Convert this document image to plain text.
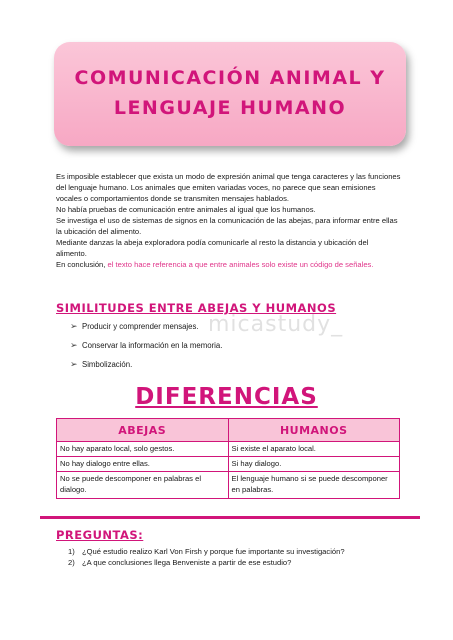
COMUNICACIÓN ANIMAL Y
LENGUAJE HUMANO

Es imposible establecer que exista un modo de expresión animal que tenga caracteres y las funciones del lenguaje humano. Los animales que emiten variadas voces, no parece que sean emisiones vocales o comportamientos donde se transmiten mensajes hablados.

No había pruebas de comunicación entre animales al igual que los humanos.

Se investiga el uso de sistemas de signos en la comunicación de las abejas, para informar entre ellas la ubicación del alimento.

Mediante danzas la abeja exploradora podía comunicarle al resto la distancia y ubicación del alimento.

En conclusión, el texto hace referencia a que entre animales solo existe un código de señales.

SIMILITUDES ENTRE ABEJAS Y HUMANOS
micastudy_
➢ Producir y comprender mensajes.
➢ Conservar la información en la memoria.
➢ Simbolización.
DIFERENCIAS
ABEJAS	HUMANOS
No hay aparato local, solo gestos.	Si existe el aparato local.
No hay dialogo entre ellas.	Si hay dialogo.
No se puede descomponer en palabras el dialogo.	El lenguaje humano si se puede descomponer en palabras.
PREGUNTAS:
1) ¿Qué estudio realizo Karl Von Firsh y porque fue importante su investigación?
2) ¿A que conclusiones llega Benveniste a partir de ese estudio?
